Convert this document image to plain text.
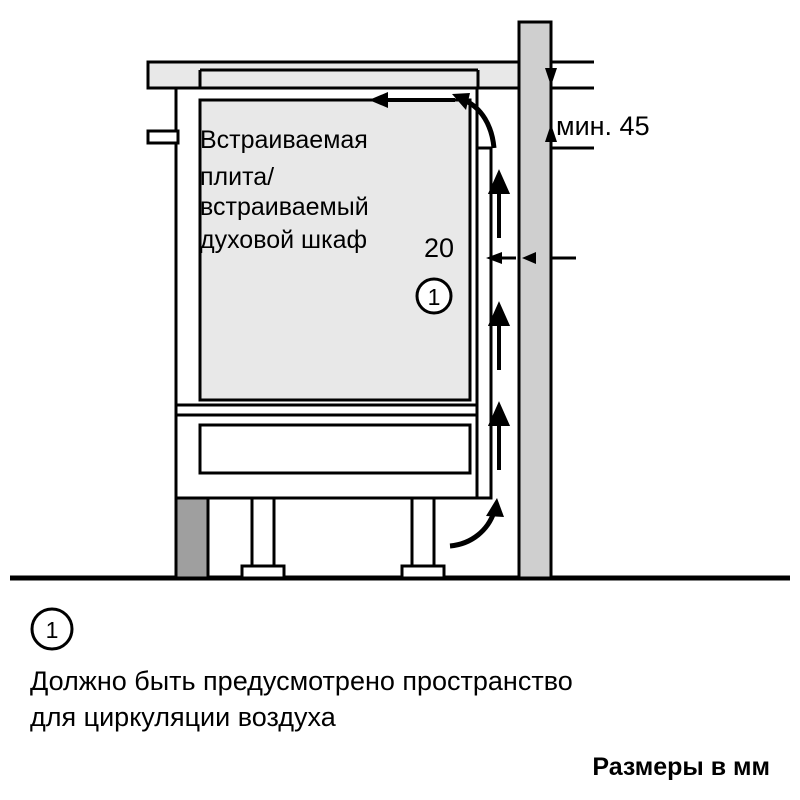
мин. 45
20
1
Встраиваемая
плита/
встраиваемый
духовой шкаф
1
Должно быть предусмотрено пространство
для циркуляции воздуха
Размеры в мм
